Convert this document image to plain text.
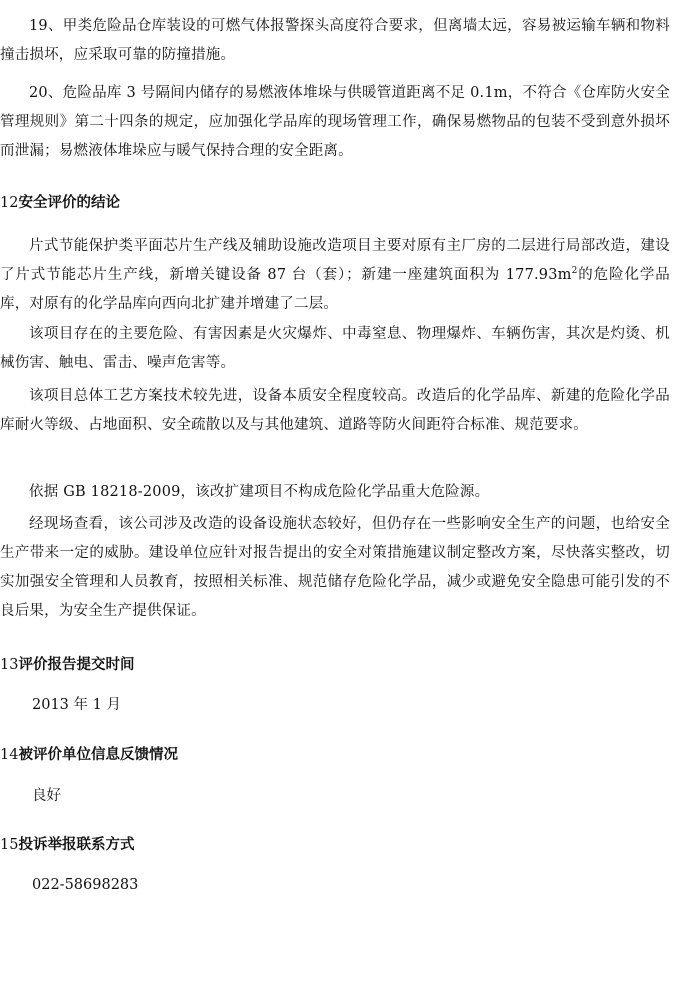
19、甲类危险品仓库装设的可燃气体报警探头高度符合要求，但离墙太远，容易被运输车辆和物料撞击损坏，应采取可靠的防撞措施。

20、危险品库 3 号隔间内储存的易燃液体堆垛与供暖管道距离不足 0.1m，不符合《仓库防火安全管理规则》第二十四条的规定，应加强化学品库的现场管理工作，确保易燃物品的包装不受到意外损坏而泄漏；易燃液体堆垛应与暖气保持合理的安全距离。

12安全评价的结论

片式节能保护类平面芯片生产线及辅助设施改造项目主要对原有主厂房的二层进行局部改造，建设了片式节能芯片生产线，新增关键设备 87 台（套）；新建一座建筑面积为 $177.93m^2$的危险化学品库，对原有的化学品库向西向北扩建并增建了二层。

该项目存在的主要危险、有害因素是火灾爆炸、中毒窒息、物理爆炸、车辆伤害，其次是灼烫、机械伤害、触电、雷击、噪声危害等。

该项目总体工艺方案技术较先进，设备本质安全程度较高。改造后的化学品库、新建的危险化学品库耐火等级、占地面积、安全疏散以及与其他建筑、道路等防火间距符合标准、规范要求。

依据 GB 18218-2009，该改扩建项目不构成危险化学品重大危险源。

经现场查看，该公司涉及改造的设备设施状态较好，但仍存在一些影响安全生产的问题，也给安全生产带来一定的威胁。建设单位应针对报告提出的安全对策措施建议制定整改方案，尽快落实整改，切实加强安全管理和人员教育，按照相关标准、规范储存危险化学品，减少或避免安全隐患可能引发的不良后果，为安全生产提供保证。

13评价报告提交时间

2013 年 1 月

14被评价单位信息反馈情况

良好

15投诉举报联系方式

022-58698283
